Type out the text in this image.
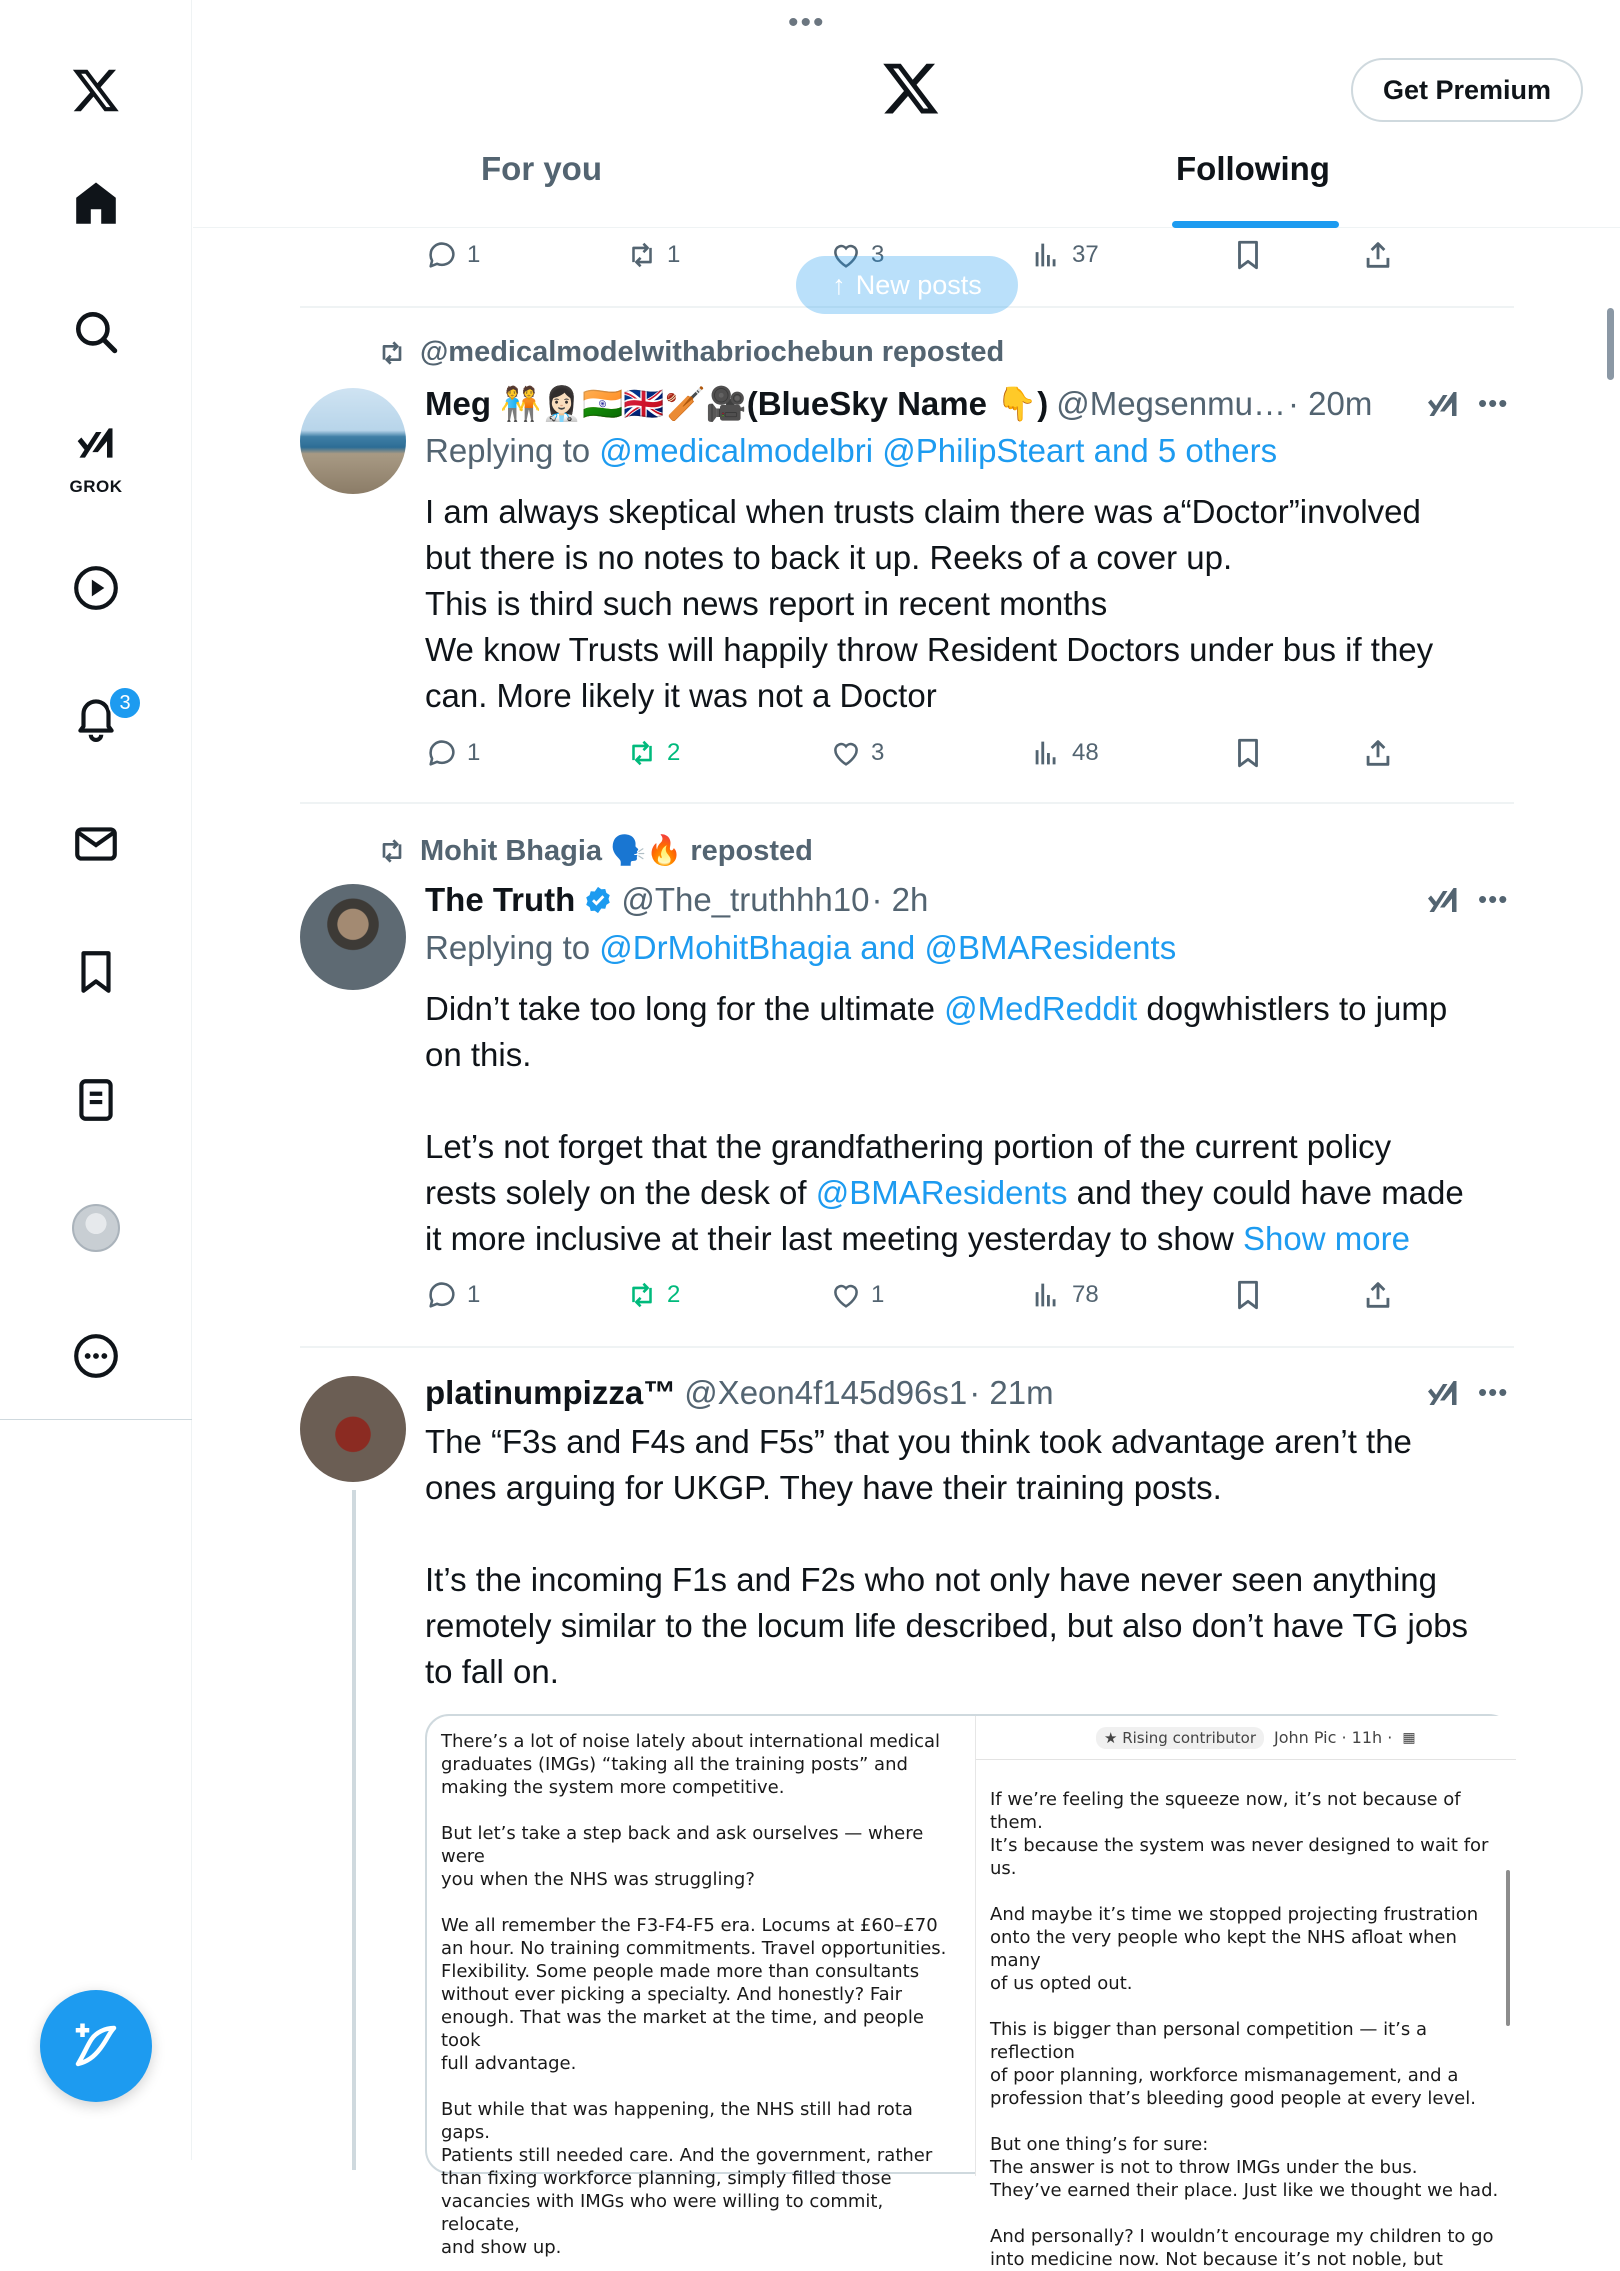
GROK
3
•••
Get Premium
For you	Following
1	1	3	37
↑ New posts
@medicalmodelwithabriochebun reposted
Meg 🧑‍🤝‍🧑👩🏻‍⚕️🇮🇳🇬🇧🏏🎥(BlueSky Name 👇) @Megsenmu… · 20m	•••
Replying to @medicalmodelbri @PhilipSteart and 5 others
I am always skeptical when trusts claim there was a“Doctor”involved
but there is no notes to back it up. Reeks of a cover up.
This is third such news report in recent months
We know Trusts will happily throw Resident Doctors under bus if they
can. More likely it was not a Doctor
1	2	3	48
Mohit Bhagia 🗣️🔥 reposted
The Truth @The_truthhh10 · 2h	•••
Replying to @DrMohitBhagia and @BMAResidents
Didn’t take too long for the ultimate @MedReddit dogwhistlers to jump
on this.

Let’s not forget that the grandfathering portion of the current policy
rests solely on the desk of @BMAResidents and they could have made
it more inclusive at their last meeting yesterday to show Show more
1	2	1	78
platinumpizza™ @Xeon4f145d96s1 · 21m	•••
The “F3s and F4s and F5s” that you think took advantage aren’t the
ones arguing for UKGP. They have their training posts.

It’s the incoming F1s and F2s who not only have never seen anything
remotely similar to the locum life described, but also don’t have TG jobs
to fall on.
There’s a lot of noise lately about international medical
graduates (IMGs) “taking all the training posts” and
making the system more competitive.

But let’s take a step back and ask ourselves — where were
you when the NHS was struggling?

We all remember the F3-F4-F5 era. Locums at £60–£70
an hour. No training commitments. Travel opportunities.
Flexibility. Some people made more than consultants
without ever picking a specialty. And honestly? Fair
enough. That was the market at the time, and people took
full advantage.

But while that was happening, the NHS still had rota gaps.
Patients still needed care. And the government, rather
than fixing workforce planning, simply filled those
vacancies with IMGs who were willing to commit, relocate,
and show up.
★ Rising contributor	John Pic · 11h · ▦
If we’re feeling the squeeze now, it’s not because of them.
It’s because the system was never designed to wait for us.

And maybe it’s time we stopped projecting frustration
onto the very people who kept the NHS afloat when many
of us opted out.

This is bigger than personal competition — it’s a reflection
of poor planning, workforce mismanagement, and a
profession that’s bleeding good people at every level.

But one thing’s for sure:
The answer is not to throw IMGs under the bus.
They’ve earned their place. Just like we thought we had.

And personally? I wouldn’t encourage my children to go
into medicine now. Not because it’s not noble, but
